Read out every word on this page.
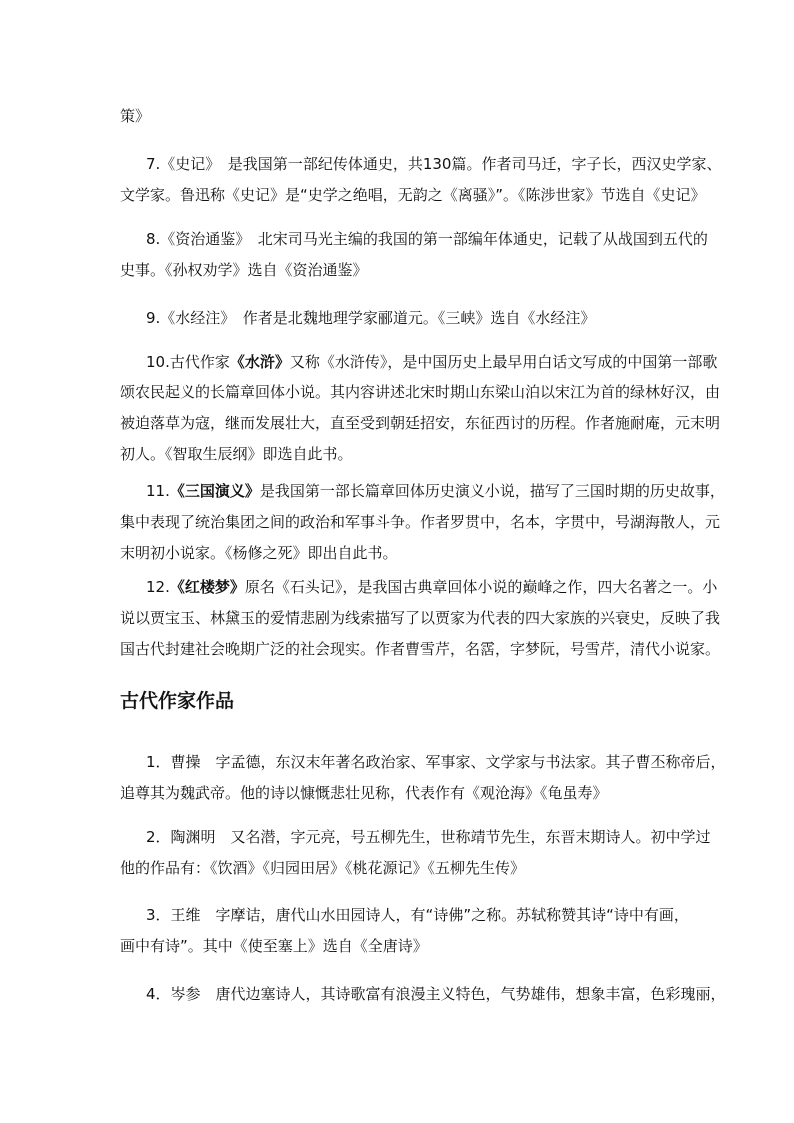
策》
7.《史记》　是我国第一部纪传体通史，共130篇。作者司马迁，字子长，西汉史学家、
文学家。鲁迅称《史记》是“史学之绝唱，无韵之《离骚》”。《陈涉世家》节选自《史记》
8.《资治通鉴》　北宋司马光主编的我国的第一部编年体通史，记载了从战国到五代的
史事。《孙权劝学》选自《资治通鉴》
9.《水经注》　作者是北魏地理学家郦道元。《三峡》选自《水经注》
10.古代作家《水浒》又称《水浒传》，是中国历史上最早用白话文写成的中国第一部歌
颂农民起义的长篇章回体小说。其内容讲述北宋时期山东梁山泊以宋江为首的绿林好汉，由
被迫落草为寇，继而发展壮大，直至受到朝廷招安，东征西讨的历程。作者施耐庵，元末明
初人。《智取生辰纲》即选自此书。
11.《三国演义》是我国第一部长篇章回体历史演义小说，描写了三国时期的历史故事，
集中表现了统治集团之间的政治和军事斗争。作者罗贯中，名本，字贯中，号湖海散人，元
末明初小说家。《杨修之死》即出自此书。
12.《红楼梦》原名《石头记》，是我国古典章回体小说的巅峰之作，四大名著之一。小
说以贾宝玉、林黛玉的爱情悲剧为线索描写了以贾家为代表的四大家族的兴衰史，反映了我
国古代封建社会晚期广泛的社会现实。作者曹雪芹，名霑，字梦阮，号雪芹，清代小说家。
古代作家作品
1．曹操　字孟德，东汉末年著名政治家、军事家、文学家与书法家。其子曹丕称帝后，
追尊其为魏武帝。他的诗以慷慨悲壮见称，代表作有《观沧海》《龟虽寿》
2．陶渊明　又名潜，字元亮，号五柳先生，世称靖节先生，东晋末期诗人。初中学过
他的作品有：《饮酒》《归园田居》《桃花源记》《五柳先生传》
3．王维　字摩诘，唐代山水田园诗人，有“诗佛”之称。苏轼称赞其诗“诗中有画，
画中有诗”。其中《使至塞上》选自《全唐诗》
4．岑参　唐代边塞诗人，其诗歌富有浪漫主义特色，气势雄伟，想象丰富，色彩瑰丽，
